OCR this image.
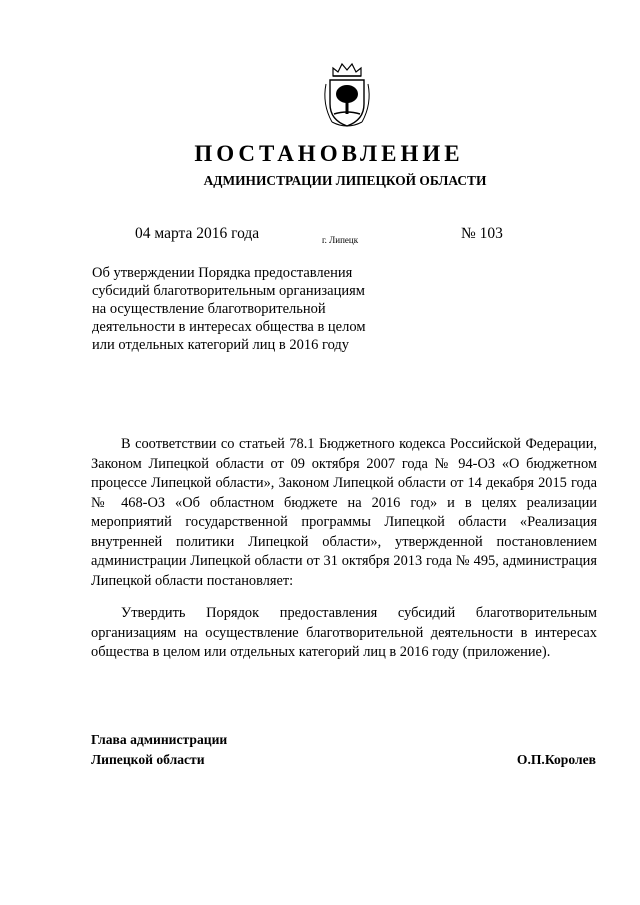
ПОСТАНОВЛЕНИЕ
АДМИНИСТРАЦИИ ЛИПЕЦКОЙ ОБЛАСТИ
04 марта 2016 года	г. Липецк	№ 103
Об утверждении Порядка предоставления субсидий благотворительным организациям на осуществление благотворительной деятельности в интересах общества в целом или отдельных категорий лиц в 2016 году

В соответствии со статьей 78.1 Бюджетного кодекса Российской Федерации, Законом Липецкой области от 09 октября 2007 года № 94-ОЗ «О бюджетном процессе Липецкой области», Законом Липецкой области от 14 декабря 2015 года № 468-ОЗ «Об областном бюджете на 2016 год» и в целях реализации мероприятий государственной программы Липецкой области «Реализация внутренней политики Липецкой области», утвержденной постановлением администрации Липецкой области от 31 октября 2013 года № 495, администрация Липецкой области постановляет:

Утвердить Порядок предоставления субсидий благотворительным организациям на осуществление благотворительной деятельности в интересах общества в целом или отдельных категорий лиц в 2016 году (приложение).

Глава администрации
Липецкой области	О.П.Королев
